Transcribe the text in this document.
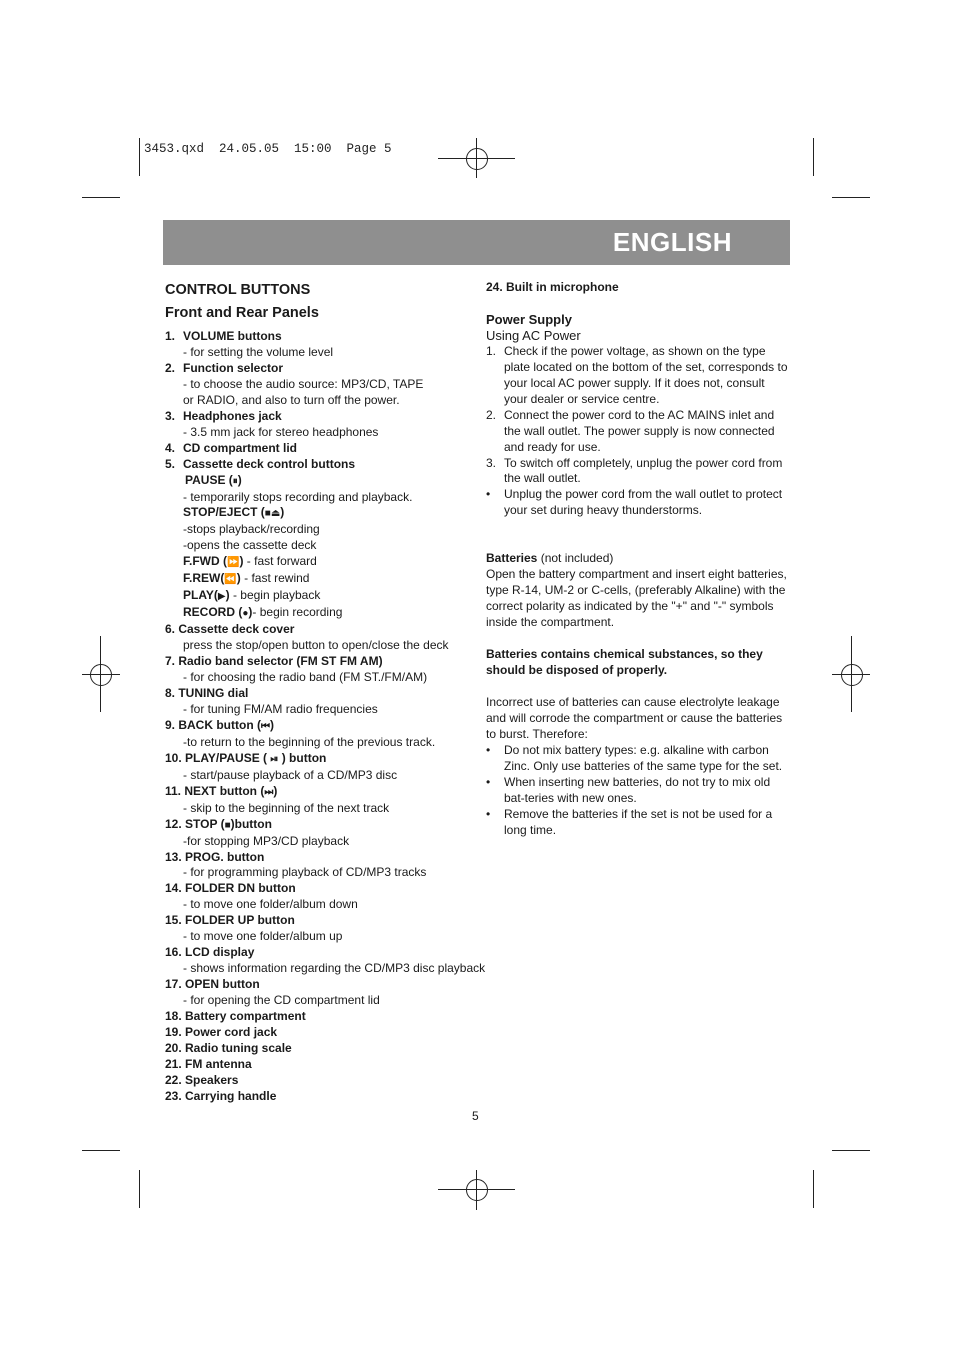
3453.qxd  24.05.05  15:00  Page 5
ENGLISH
CONTROL BUTTONS
Front and Rear Panels
1. VOLUME buttons
- for setting the volume level
2. Function selector
- to choose the audio source: MP3/CD, TAPE
or RADIO, and also to turn off the power.
3. Headphones jack
- 3.5 mm jack for stereo headphones
4. CD compartment lid
5. Cassette deck control buttons
PAUSE (⏸)
- temporarily stops recording and playback.
STOP/EJECT (■⏏)
-stops playback/recording
-opens the cassette deck
F.FWD (⏩) - fast forward
F.REW(⏪) - fast rewind
PLAY(▶) - begin playback
RECORD (●)- begin recording
6. Cassette deck cover
press the stop/open button to open/close the deck
7. Radio band selector (FM ST FM AM)
- for choosing the radio band (FM ST./FM/AM)
8. TUNING dial
- for tuning FM/AM radio frequencies
9. BACK button (⏮)
-to return to the beginning of the previous track.
10. PLAY/PAUSE ( ⏯ ) button
- start/pause playback of a CD/MP3 disc
11. NEXT button (⏭)
- skip to the beginning of the next track
12. STOP (■)button
-for stopping MP3/CD playback
13. PROG. button
- for programming playback of CD/MP3 tracks
14. FOLDER DN button
- to move one folder/album down
15. FOLDER UP button
- to move one folder/album up
16. LCD display
- shows information regarding the CD/MP3 disc playback
17. OPEN button
- for opening the CD compartment lid
18. Battery compartment
19. Power cord jack
20. Radio tuning scale
21. FM antenna
22. Speakers
23. Carrying handle
24. Built in microphone
Power Supply
Using AC Power
1. Check if the power voltage, as shown on the type plate located on the bottom of the set, corresponds to your local AC power supply. If it does not, consult your dealer or service centre.
2. Connect the power cord to the AC MAINS inlet and the wall outlet. The power supply is now connected and ready for use.
3. To switch off completely, unplug the power cord from the wall outlet.
•	Unplug the power cord from the wall outlet to protect your set during heavy thunderstorms.
Batteries (not included)
Open the battery compartment and insert eight batteries, type R-14, UM-2 or C-cells, (preferably Alkaline) with the correct polarity as indicated by the "+" and "-" symbols inside the compartment.
Batteries contains chemical substances, so they should be disposed of properly.
Incorrect use of batteries can cause electrolyte leakage and will corrode the compartment or cause the batteries to burst. Therefore:
•	Do not mix battery types: e.g. alkaline with carbon Zinc. Only use batteries of the same type for the set.
•	When inserting new batteries, do not try to mix old bat-teries with new ones.
•	Remove the batteries if the set is not be used for a long time.
5
